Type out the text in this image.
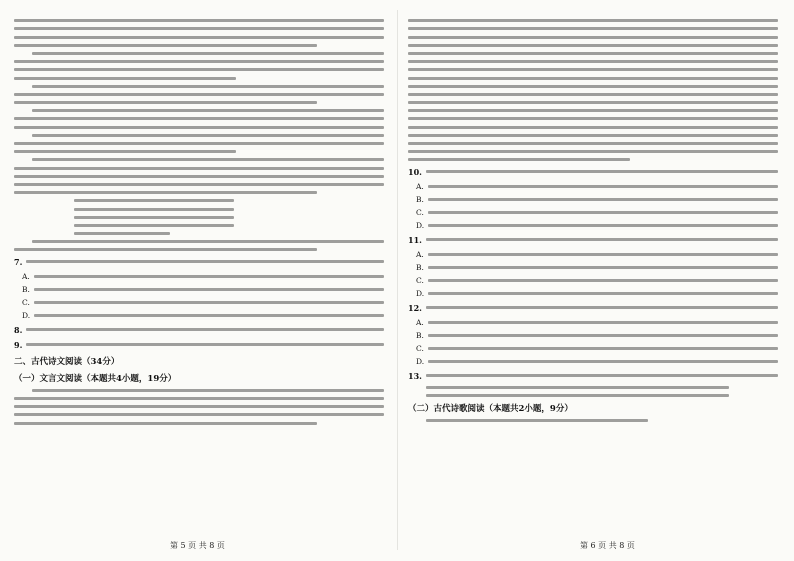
7.
A.
B.
C.
D.
8.
9.
二、古代诗文阅读（34分）
（一）文言文阅读（本题共4小题，19分）
10.
A.
B.
C.
D.
11.
A.
B.
C.
D.
12.
A.
B.
C.
D.
13.
（二）古代诗歌阅读（本题共2小题，9分）
第 5 页 共 8 页	第 6 页 共 8 页
